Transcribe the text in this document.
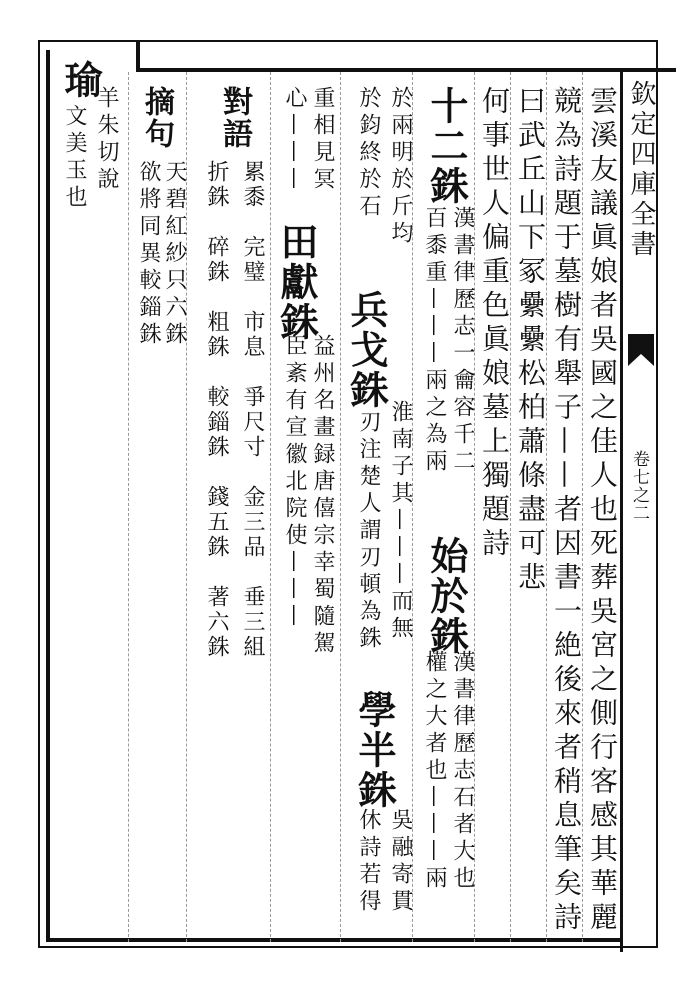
欽定四庫全書
卷七之二
雲溪友議眞娘者吳國之佳人也死葬吳宮之側行客感其華麗
競為詩題于墓樹有舉子——者因書一絶後來者稍息筆矣詩
曰武丘山下冢纍纍松柏蕭條盡可悲
何事世人偏重色眞娘墓上獨題詩
十二銖
漢書律歷志一龠容千二
百黍重———兩之為兩
始於銖
漢書律歷志石者大也
權之大者也———兩
於兩明於斤均
兵戈銖
淮南子其———而無
於鈞終於石
刃注楚人謂刃頓為銖
學半銖
吳融寄貫
休詩若得
重相見冥
田獻銖
益州名畫録唐僖宗幸蜀隨駕
心———
臣紊有宣徽北院使———
對語
累黍　完璧　市息　爭尺寸　金三品　垂三組
折銖　碎銖　粗銖　較錙銖　錢五銖　著六銖
摘句
天碧紅紗只六銖
欲將同異較錙銖
瑜
羊朱切說
文美玉也
